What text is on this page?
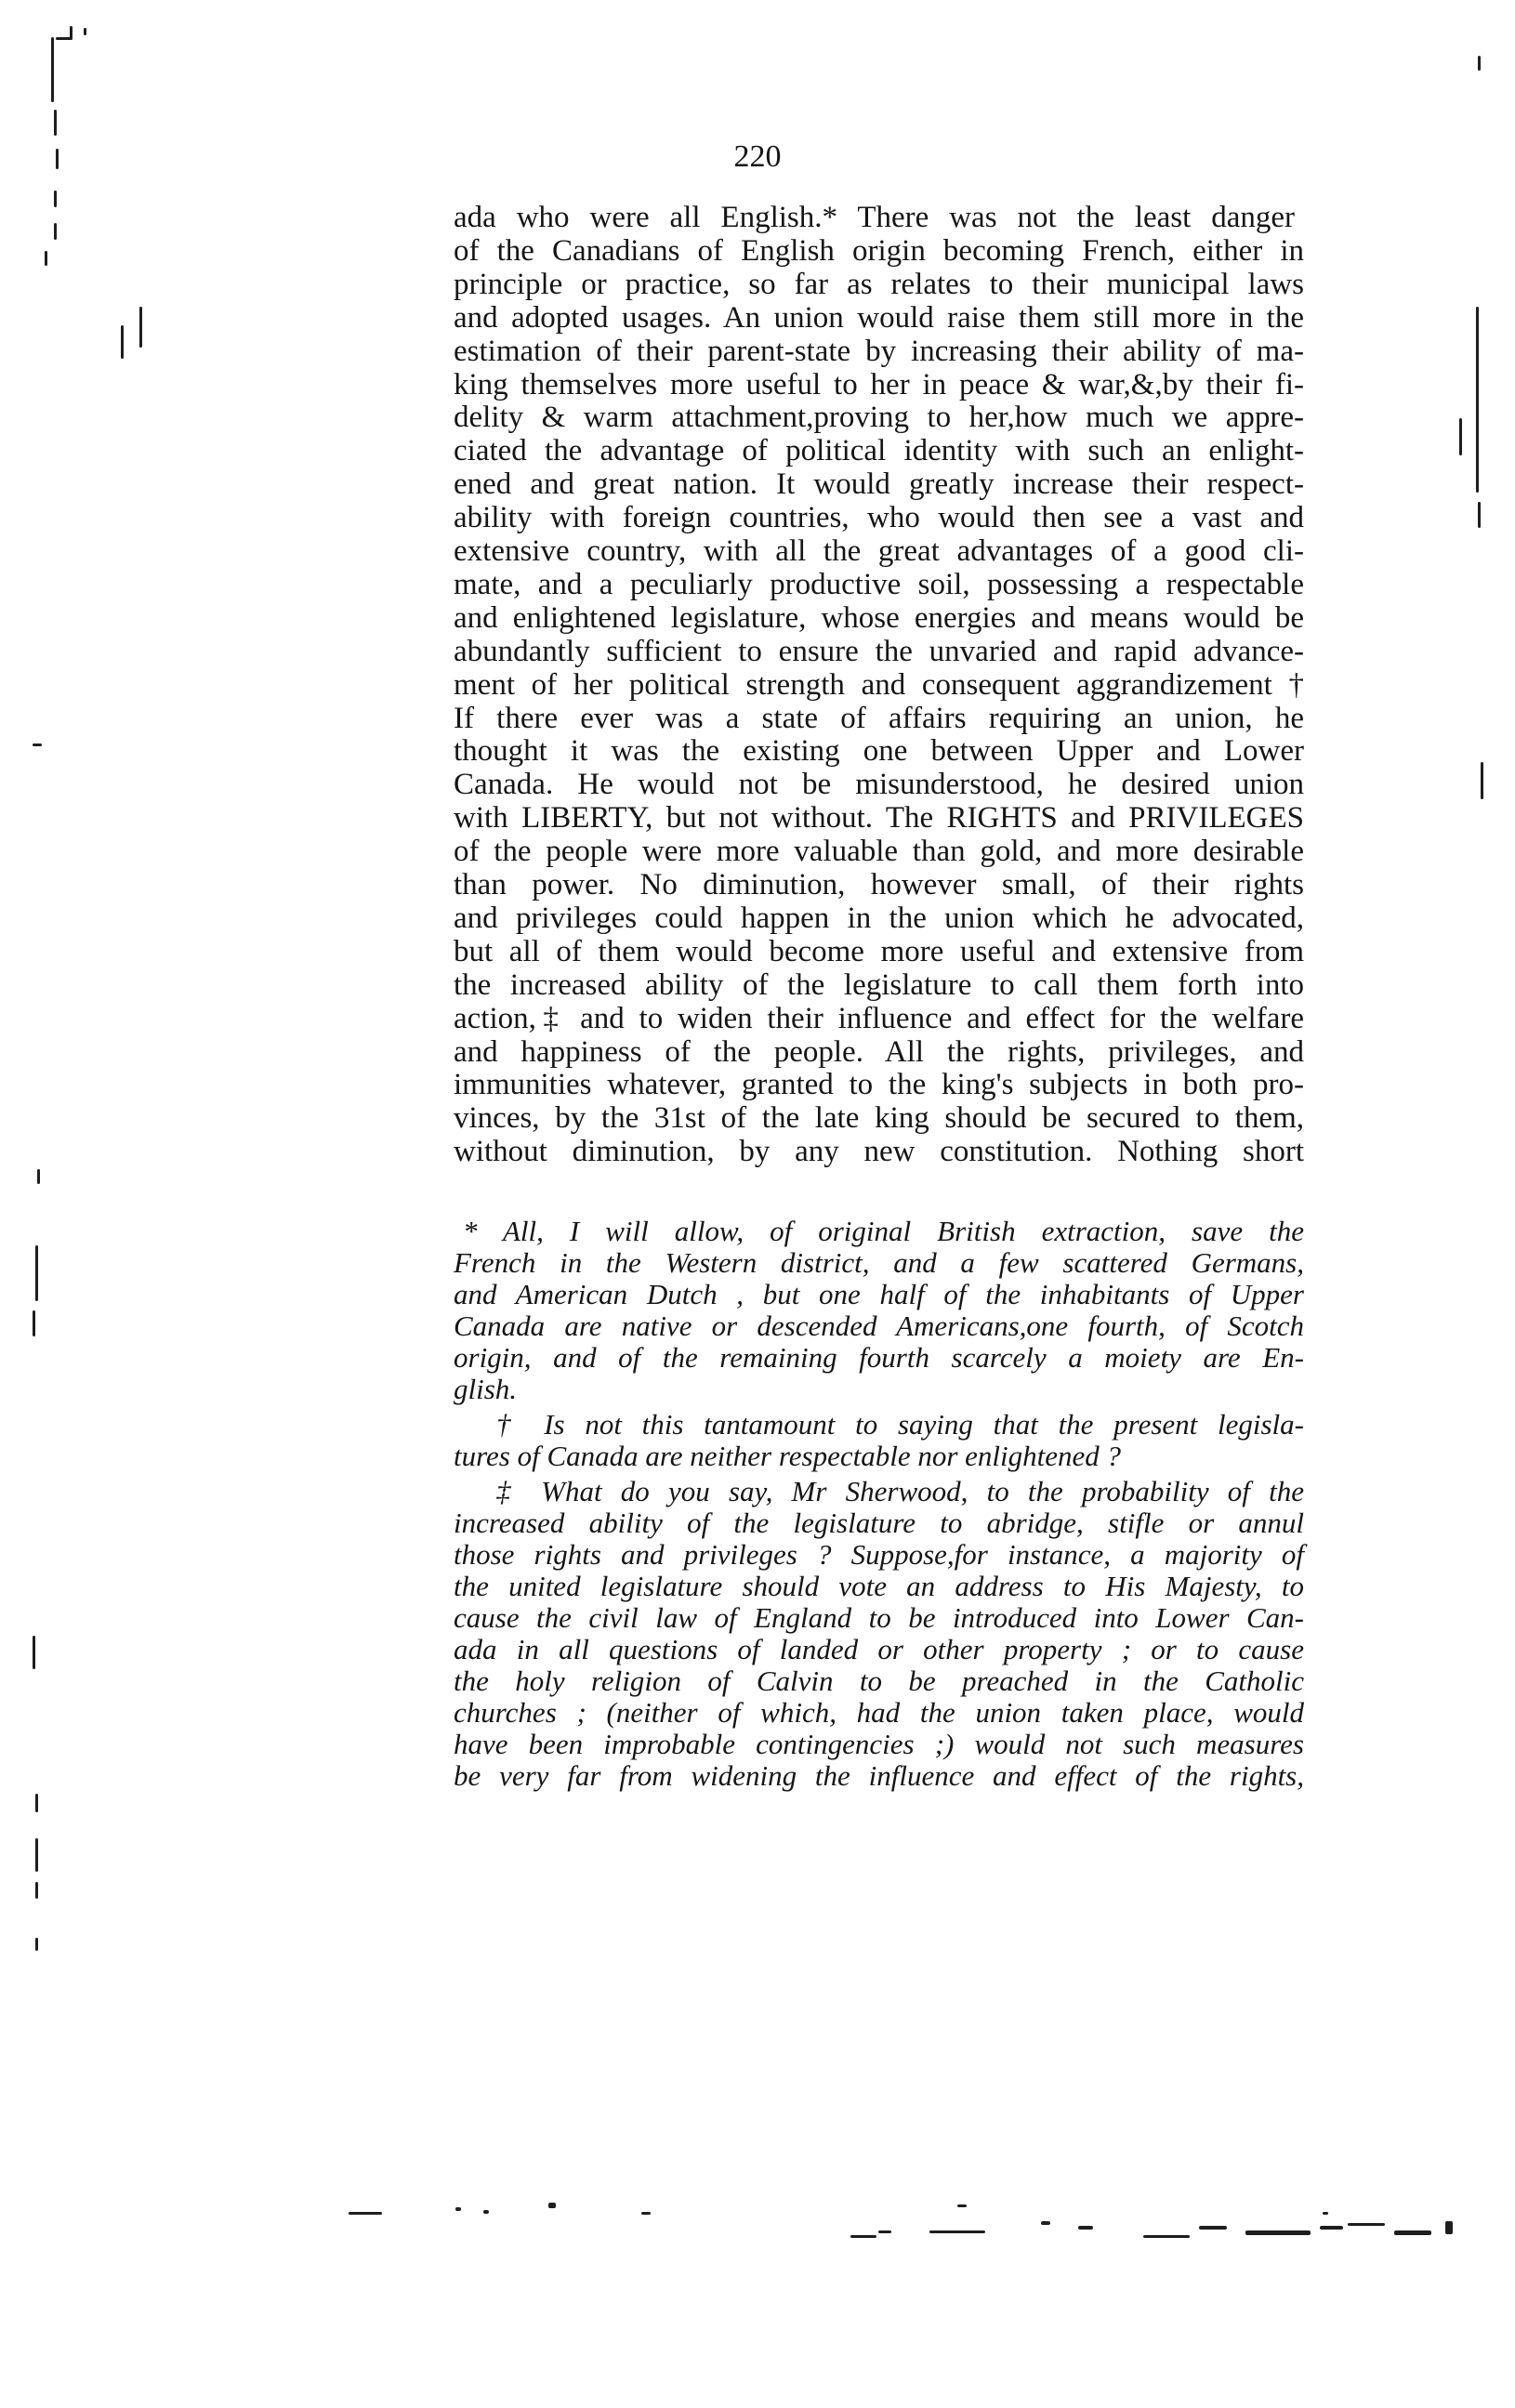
220
ada who were all English.* There was not the least danger
of the Canadians of English origin becoming French, either in
principle or practice, so far as relates to their municipal laws
and adopted usages. An union would raise them still more in the
estimation of their parent-state by increasing their ability of ma-
king themselves more useful to her in peace & war,&,by their fi-
delity & warm attachment,proving to her,how much we appre-
ciated the advantage of political identity with such an enlight-
ened and great nation. It would greatly increase their respect-
ability with foreign countries, who would then see a vast and
extensive country, with all the great advantages of a good cli-
mate, and a peculiarly productive soil, possessing a respectable
and enlightened legislature, whose energies and means would be
abundantly sufficient to ensure the unvaried and rapid advance-
ment of her political strength and consequent aggrandizement †
If there ever was a state of affairs requiring an union, he
thought it was the existing one between Upper and Lower
Canada. He would not be misunderstood, he desired union
with LIBERTY, but not without. The RIGHTS and PRIVILEGES
of the people were more valuable than gold, and more desirable
than power. No diminution, however small, of their rights
and privileges could happen in the union which he advocated,
but all of them would become more useful and extensive from
the increased ability of the legislature to call them forth into
action,‡ and to widen their influence and effect for the welfare
and happiness of the people. All the rights, privileges, and
immunities whatever, granted to the king's subjects in both pro-
vinces, by the 31st of the late king should be secured to them,
without diminution, by any new constitution. Nothing short
* All, I will allow, of original British extraction, save the
French in the Western district, and a few scattered Germans,
and American Dutch , but one half of the inhabitants of Upper
Canada are native or descended Americans,one fourth, of Scotch
origin, and of the remaining fourth scarcely a moiety are En-
glish.
† Is not this tantamount to saying that the present legisla-
tures of Canada are neither respectable nor enlightened ?
‡ What do you say, Mr Sherwood, to the probability of the
increased ability of the legislature to abridge, stifle or annul
those rights and privileges ? Suppose,for instance, a majority of
the united legislature should vote an address to His Majesty, to
cause the civil law of England to be introduced into Lower Can-
ada in all questions of landed or other property ; or to cause
the holy religion of Calvin to be preached in the Catholic
churches ; (neither of which, had the union taken place, would
have been improbable contingencies ;) would not such measures
be very far from widening the influence and effect of the rights,
